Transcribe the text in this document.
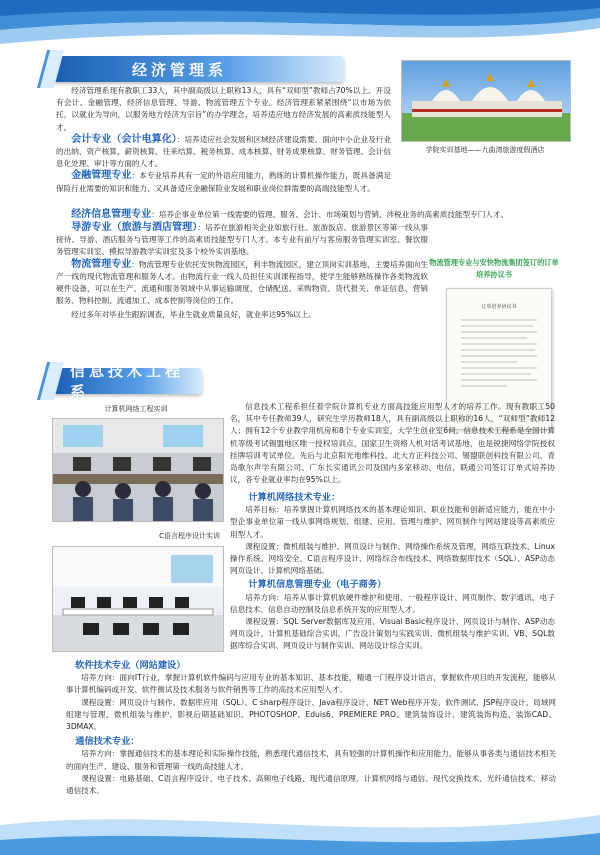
经济管理系

经济管理系现有教职工33人，其中副高级以上职称13人，具有“双师型”教师占70%以上。开设有会计、金融管理、经济信息管理、导游、物流管理五个专业。经济管理系紧紧围绕“以市场为依托，以就业为导向，以服务地方经济为宗旨”的办学理念，培养适应地方经济发展的高素质技能型人才。

会计专业（会计电算化）：培养适应社会发展和区域经济建设需要、面向中小企业及行业的出纳、资产核算、薪资核算、往来结算、税务核算、成本核算、财务成果核算、财务管理、会计信息化处理、审计等方面的人才。

金融管理专业：本专业培养具有一定的外语应用能力，熟练的计算机操作能力，既具备满足保险行业需要的知识和能力、又具备适应金融保险业发展和职业岗位群需要的高端技能型人才。

经济信息管理专业：培养企事业单位第一线需要的管理、服务、会计、市场策划与营销、涉税业务的高素质技能型专门人才。

导游专业（旅游与酒店管理）：培养在旅游相关企业如旅行社、旅游饭店、旅游景区等第一线从事接待、导游、酒店服务与管理等工作的高素质技能型专门人才。本专业有前厅与客房服务管理实训室、餐饮服务管理实训室、模拟导游教学实训室及多个校外实训基地。

物流管理专业：物流管理专业依托安快物流园区，利丰物流园区，建立顶岗实训基地，主要培养面向生产一线的现代物流管理和服务人才。由物流行业一线人员担任实训课程指导，使学生能够熟练操作各类物流软硬件设备，可以在生产、流通和服务领域中从事运输调度、仓储配送、采购物资、货代报关、单证信息、营销服务、物料控制、流通加工、成本控制等岗位的工作。

经过多年对毕业生跟踪调查，毕业生就业质量良好，就业率达95%以上。

学院实训基地——九曲湾旅游度假酒店
物流管理专业与安快物流集团签订的订单培养协议书
订单培养协议书
信息技术工程系
计算机网络工程实训
C语言程序设计实训
信息技术工程系担任着学院计算机专业方面高技能应用型人才的培养工作。现有教职工50名，其中专任教师39人，研究生学历教师18人，具有副高级以上职称的16人，“双师型”教师12人；拥有12个专业教学用机房和8个专业实训室，大学生创业室6间。信息技术工程系是全国计算机等级考试锡盟地区唯一授权培训点，国家卫生资格人机对话考试基地，也是锐捷网络学院授权挂牌培训考试单位。先后与北京阳光地维科技、北大方正科技公司、锡盟联创科技有限公司、青岛歌尔声学有限公司、广东长实通讯公司及国内多家移动、电信、联通公司签订订单式培养协议，各专业就业率均在95%以上。

计算机网络技术专业：

培养目标：培养掌握计算机网络技术的基本理论知识、职业技能和创新适应能力，能在中小型企事业单位第一线从事网络规划、组建、应用、管理与维护、网页制作与网站建设等高素质应用型人才。

课程设置：微机组装与维护、网页设计与制作、网络操作系统及管理，网络互联技术、Linux操作系统、网络安全、C语言程序设计、网络综合布线技术、网络数据库技术（SQL）、ASP动态网页设计、计算机网络基础。

计算机信息管理专业（电子商务）

培养方向：培养从事计算机软硬件维护和使用、一般程序设计、网页制作、数字通讯、电子信息技术、信息自动控制及信息系统开发的应用型人才。

课程设置：SQL Server数据库及应用、Visual Basic程序设计、网页设计与制作、ASP动态网页设计，计算机基础综合实训、广告设计策划与实践实训、微机组装与维护实训、VB、SQL数据库综合实训、网页设计与制作实训、网站设计综合实训。

软件技术专业（网站建设）

培养方向：面向IT行业，掌握计算机软件编码与应用专业的基本知识、基本技能，精通一门程序设计语言，掌握软件项目的开发流程，能够从事计算机编码或开发、软件测试及技术服务与软件销售等工作的高技术应用型人才。

课程设置：网页设计与制作、数据库应用（SQL）、C sharp程序设计、Java程序设计、NET Web程序开发、软件测试、JSP程序设计、局域网组建与管理、微机组装与维护、影视后期基础知识、PHOTOSHOP、Eduis6、PREMIERE PRO、建筑装饰设计、建筑装饰构造、装饰CAD、3DMAX。

通信技术专业：

培养方向：掌握通信技术的基本理论和实际操作技能，熟悉现代通信技术，具有较强的计算机操作和应用能力，能够从事各类与通信技术相关的面向生产、建设、服务和管理第一线的高技能人才。

课程设置：电路基础、C语言程序设计、电子技术、高频电子线路、现代通信原理、计算机网络与通信、现代交换技术、光纤通信技术、移动通信技术。
